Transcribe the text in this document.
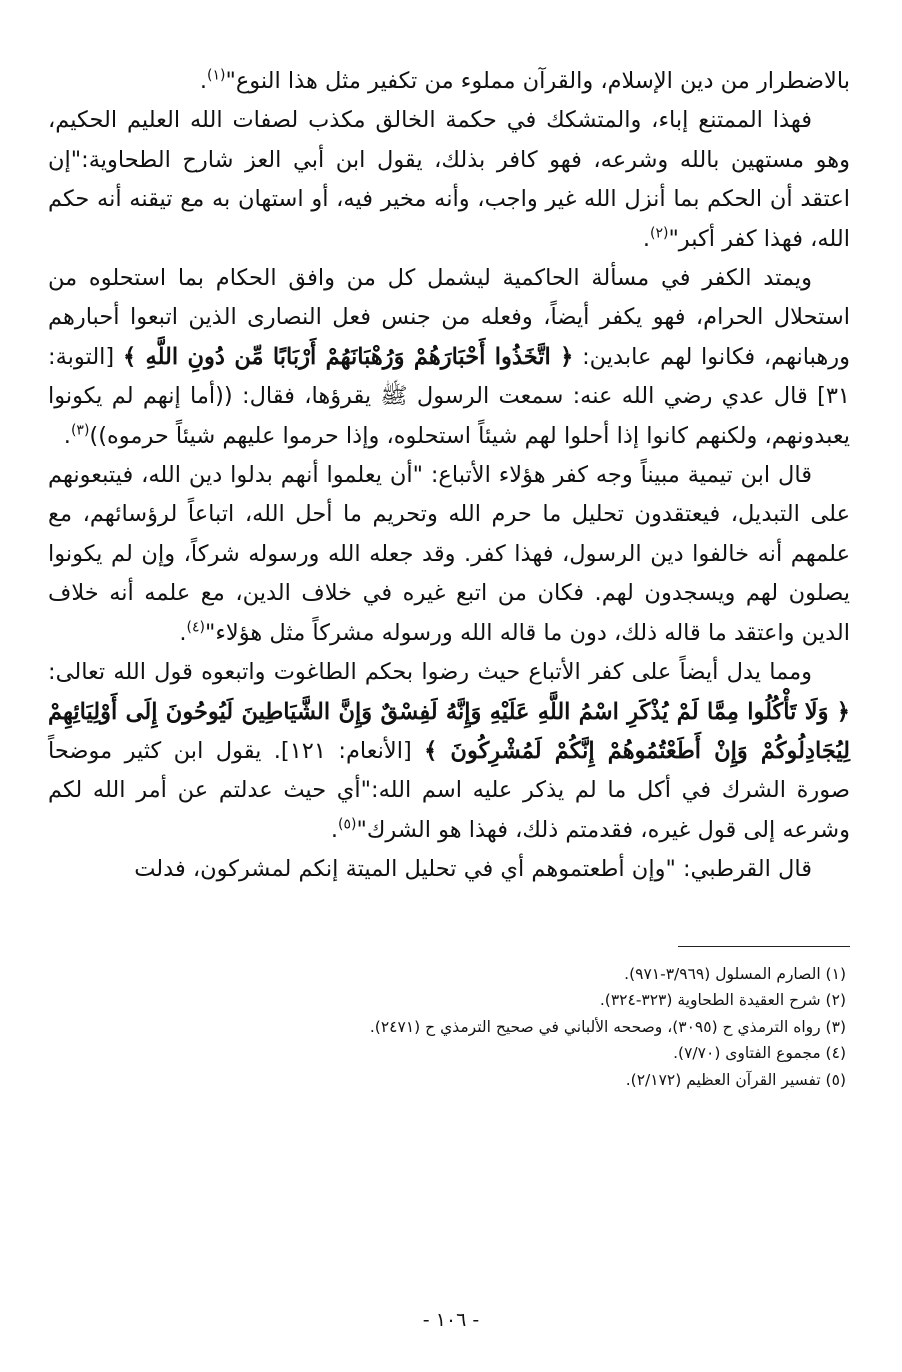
بالاضطرار من دين الإسلام، والقرآن مملوء من تكفير مثل هذا النوع"$^{(١)}$.

فهذا الممتنع إباء، والمتشكك في حكمة الخالق مكذب لصفات الله العليم الحكيم، وهو مستهين بالله وشرعه، فهو كافر بذلك، يقول ابن أبي العز شارح الطحاوية:"إن اعتقد أن الحكم بما أنزل الله غير واجب، وأنه مخير فيه، أو استهان به مع تيقنه أنه حكم الله، فهذا كفر أكبر"$^{(٢)}$.

ويمتد الكفر في مسألة الحاكمية ليشمل كل من وافق الحكام بما استحلوه من استحلال الحرام، فهو يكفر أيضاً، وفعله من جنس فعل النصارى الذين اتبعوا أحبارهم ورهبانهم، فكانوا لهم عابدين: ﴿ اتَّخَذُوا أَحْبَارَهُمْ وَرُهْبَانَهُمْ أَرْبَابًا مِّن دُونِ اللَّهِ ﴾ [التوبة: ٣١] قال عدي رضي الله عنه: سمعت الرسول ﷺ يقرؤها، فقال: ((أما إنهم لم يكونوا يعبدونهم، ولكنهم كانوا إذا أحلوا لهم شيئاً استحلوه، وإذا حرموا عليهم شيئاً حرموه))$^{(٣)}$.

قال ابن تيمية مبيناً وجه كفر هؤلاء الأتباع: "أن يعلموا أنهم بدلوا دين الله، فيتبعونهم على التبديل، فيعتقدون تحليل ما حرم الله وتحريم ما أحل الله، اتباعاً لرؤسائهم، مع علمهم أنه خالفوا دين الرسول، فهذا كفر. وقد جعله الله ورسوله شركاً، وإن لم يكونوا يصلون لهم ويسجدون لهم. فكان من اتبع غيره في خلاف الدين، مع علمه أنه خلاف الدين واعتقد ما قاله ذلك، دون ما قاله الله ورسوله مشركاً مثل هؤلاء"$^{(٤)}$.

ومما يدل أيضاً على كفر الأتباع حيث رضوا بحكم الطاغوت واتبعوه قول الله تعالى: ﴿ وَلَا تَأْكُلُوا مِمَّا لَمْ يُذْكَرِ اسْمُ اللَّهِ عَلَيْهِ وَإِنَّهُ لَفِسْقٌ وَإِنَّ الشَّيَاطِينَ لَيُوحُونَ إِلَى أَوْلِيَائِهِمْ لِيُجَادِلُوكُمْ وَإِنْ أَطَعْتُمُوهُمْ إِنَّكُمْ لَمُشْرِكُونَ ﴾ [الأنعام: ١٢١]. يقول ابن كثير موضحاً صورة الشرك في أكل ما لم يذكر عليه اسم الله:"أي حيث عدلتم عن أمر الله لكم وشرعه إلى قول غيره، فقدمتم ذلك، فهذا هو الشرك"$^{(٥)}$.

قال القرطبي: "وإن أطعتموهم أي في تحليل الميتة إنكم لمشركون، فدلت

(١) الصارم المسلول (٣/٩٦٩-٩٧١).
(٢) شرح العقيدة الطحاوية (٣٢٣-٣٢٤).
(٣) رواه الترمذي ح (٣٠٩٥)، وصححه الألباني في صحيح الترمذي ح (٢٤٧١).
(٤) مجموع الفتاوى (٧/٧٠).
(٥) تفسير القرآن العظيم (٢/١٧٢).
- ١٠٦ -
